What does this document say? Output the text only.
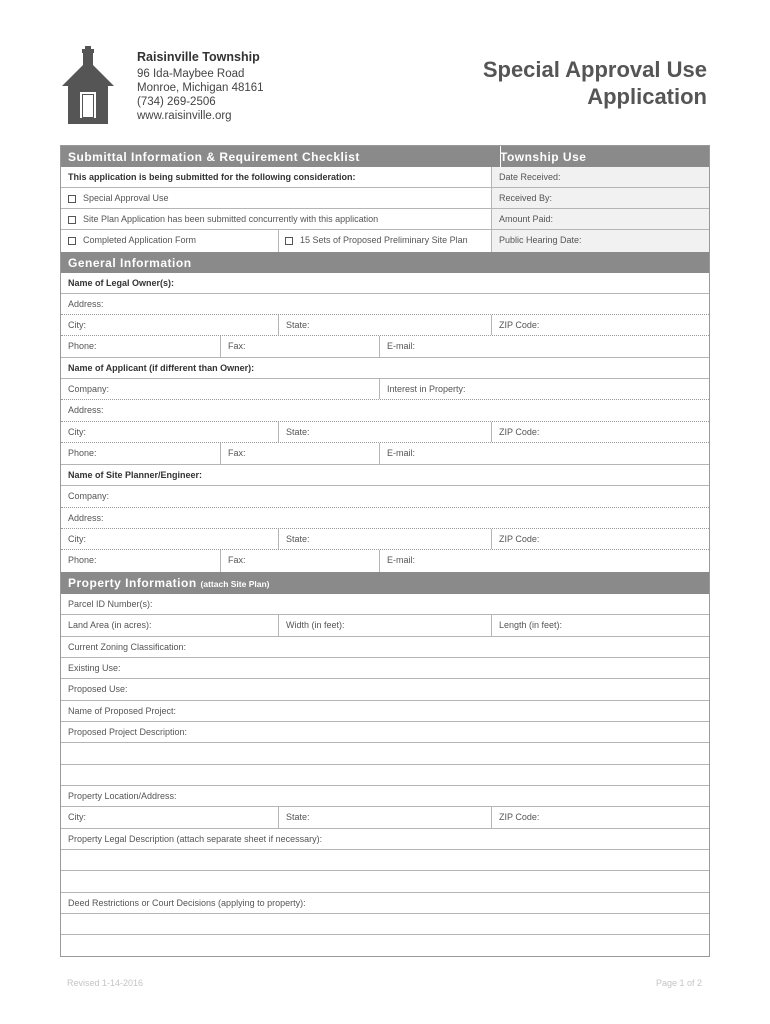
Raisinville Township
96 Ida-Maybee Road
Monroe, Michigan 48161
(734) 269-2506
www.raisinville.org
Special Approval Use
Application
Submittal Information & Requirement Checklist	Township Use
This application is being submitted for the following consideration:	Date Received:
Special Approval Use	Received By:
Site Plan Application has been submitted concurrently with this application	Amount Paid:
Completed Application Form	15 Sets of Proposed Preliminary Site Plan	Public Hearing Date:
General Information
Name of Legal Owner(s):
Address:
City:	State:	ZIP Code:
Phone:	Fax:	E-mail:
Name of Applicant (if different than Owner):
Company:	Interest in Property:
Address:
City:	State:	ZIP Code:
Phone:	Fax:	E-mail:
Name of Site Planner/Engineer:
Company:
Address:
City:	State:	ZIP Code:
Phone:	Fax:	E-mail:
Property Information (attach Site Plan)
Parcel ID Number(s):
Land Area (in acres):	Width (in feet):	Length (in feet):
Current Zoning Classification:
Existing Use:
Proposed Use:
Name of Proposed Project:
Proposed Project Description:
Property Location/Address:
City:	State:	ZIP Code:
Property Legal Description (attach separate sheet if necessary):
Deed Restrictions or Court Decisions (applying to property):
Revised 1-14-2016	Page 1 of 2
